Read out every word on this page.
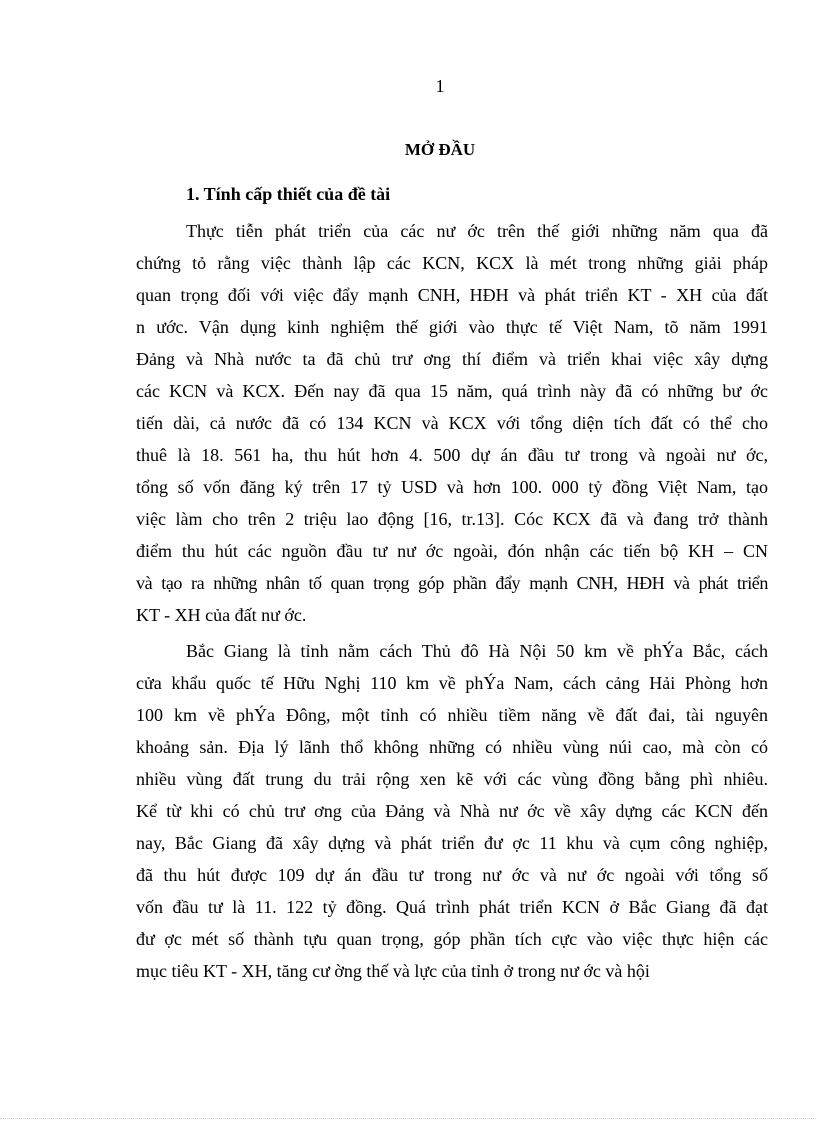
1
MỞ ĐẦU
1. Tính cấp thiết của đề tài
Thực tiễn phát triển của các nư ớc trên thế giới những năm qua đã
chứng tỏ rằng việc thành lập các KCN, KCX là mét trong những giải pháp
quan trọng đối với việc đẩy mạnh CNH, HĐH và phát triển KT - XH của đất
n ước. Vận dụng kinh nghiệm thế giới vào thực tế Việt Nam, tõ năm 1991
Đảng và Nhà nước ta đã chủ trư ơng thí điểm và triển khai việc xây dựng
các KCN và KCX. Đến nay đã qua 15 năm, quá trình này đã có những bư ớc
tiến dài, cả nước đã có 134 KCN và KCX với tổng diện tích đất có thể cho
thuê là 18. 561 ha, thu hút hơn 4. 500 dự án đầu tư trong và ngoài nư ớc,
tổng số vốn đăng ký trên 17 tỷ USD và hơn 100. 000 tỷ đồng Việt Nam, tạo
việc làm cho trên 2 triệu lao động [16, tr.13]. Cóc KCX đã và đang trở thành
điểm thu hút các nguồn đầu tư nư ớc ngoài, đón nhận các tiến bộ KH – CN
và tạo ra những nhân tố quan trọng góp phần đẩy mạnh CNH, HĐH và phát triển
KT - XH của đất nư ớc.
Bắc Giang là tỉnh nằm cách Thủ đô Hà Nội 50 km về phÝa Bắc, cách
cửa khẩu quốc tế Hữu Nghị 110 km về phÝa Nam, cách cảng Hải Phòng hơn
100 km về phÝa Đông, một tỉnh có nhiều tiềm năng về đất đai, tài nguyên
khoảng sản. Địa lý lãnh thổ không những có nhiều vùng núi cao, mà còn có
nhiều vùng đất trung du trải rộng xen kẽ với các vùng đồng bằng phì nhiêu.
Kể từ khi có chủ trư ơng của Đảng và Nhà nư ớc về xây dựng các KCN đến
nay, Bắc Giang đã xây dựng và phát triển đư ợc 11 khu và cụm công nghiệp,
đã thu hút được 109 dự án đầu tư trong nư ớc và nư ớc ngoài với tổng số
vốn đầu tư là 11. 122 tỷ đồng. Quá trình phát triển KCN ở Bắc Giang đã đạt
đư ợc mét số thành tựu quan trọng, góp phần tích cực vào việc thực hiện các
mục tiêu KT - XH, tăng cư ờng thế và lực của tỉnh ở trong nư ớc và hội
